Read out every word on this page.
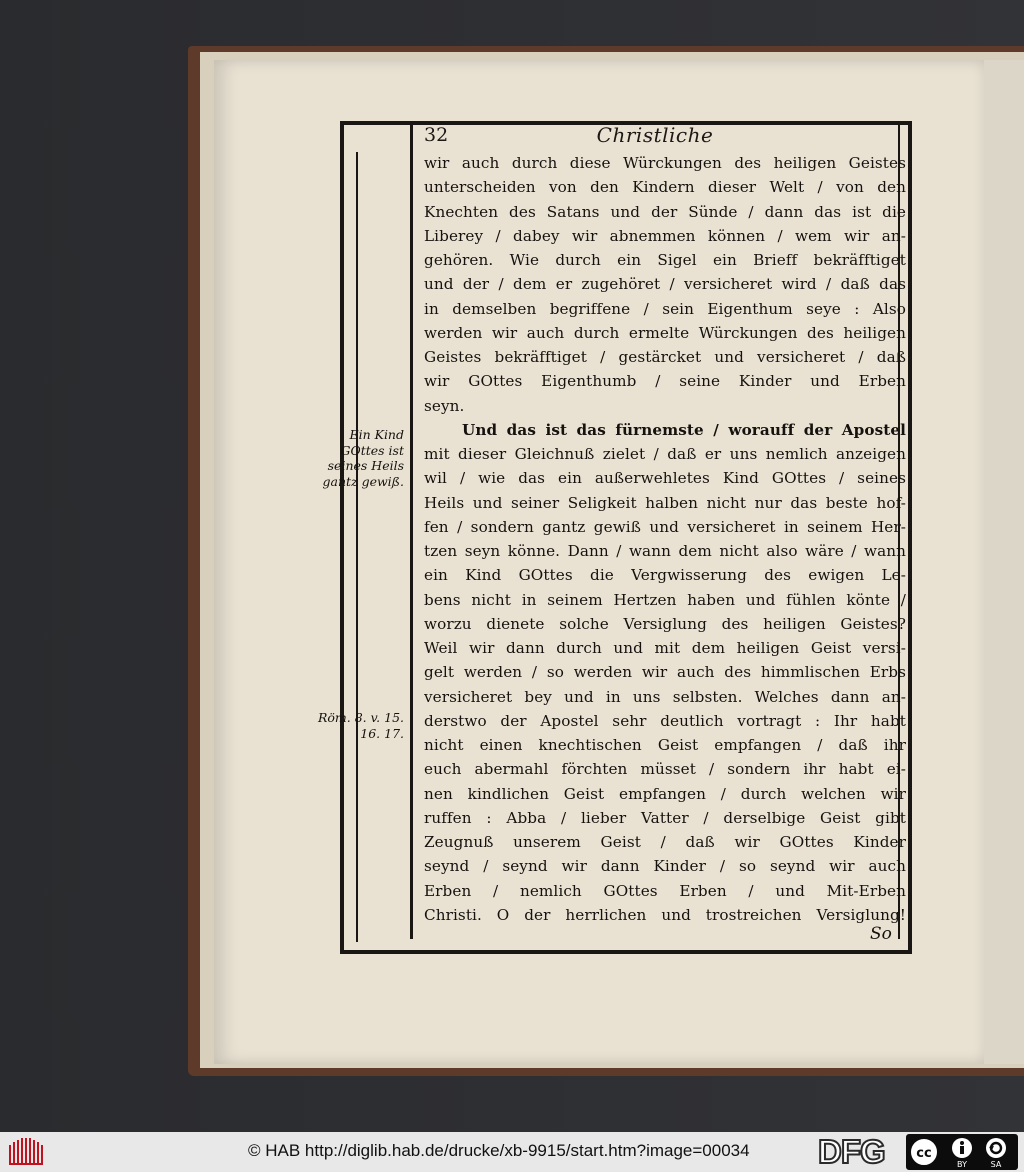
32	Christliche
wir auch durch diese Würckungen des heiligen Geistes
unterscheiden von den Kindern dieser Welt / von den
Knechten des Satans und der Sünde / dann das ist die
Liberey / dabey wir abnemmen können / wem wir an-
gehören. Wie durch ein Sigel ein Brieff bekräfftiget
und der / dem er zugehöret / versicheret wird / daß das
in demselben begriffene / sein Eigenthum seye : Also
werden wir auch durch ermelte Würckungen des heiligen
Geistes bekräfftiget / gestärcket und versicheret / daß
wir GOttes Eigenthumb / seine Kinder und Erben
seyn.
Und das ist das fürnemste / worauff der Apostel
mit dieser Gleichnuß zielet / daß er uns nemlich anzeigen
wil / wie das ein außerwehletes Kind GOttes / seines
Heils und seiner Seligkeit halben nicht nur das beste hof-
fen / sondern gantz gewiß und versicheret in seinem Her-
tzen seyn könne. Dann / wann dem nicht also wäre / wann
ein Kind GOttes die Vergwisserung des ewigen Le-
bens nicht in seinem Hertzen haben und fühlen könte /
worzu dienete solche Versiglung des heiligen Geistes?
Weil wir dann durch und mit dem heiligen Geist versi-
gelt werden / so werden wir auch des himmlischen Erbs
versicheret bey und in uns selbsten. Welches dann an-
derstwo der Apostel sehr deutlich vortragt : Ihr habt
nicht einen knechtischen Geist empfangen / daß ihr
euch abermahl förchten müsset / sondern ihr habt ei-
nen kindlichen Geist empfangen / durch welchen wir
ruffen : Abba / lieber Vatter / derselbige Geist gibt
Zeugnuß unserem Geist / daß wir GOttes Kinder
seynd / seynd wir dann Kinder / so seynd wir auch
Erben / nemlich GOttes Erben / und Mit-Erben
Christi. O der herrlichen und trostreichen Versiglung!
Ein Kind
GOttes ist
seines Heils
gantz gewiß.
Röm. 8. v. 15.
16. 17.
So
© HAB http://diglib.hab.de/drucke/xb-9915/start.htm?image=00034 DFG cc
BY	SA
